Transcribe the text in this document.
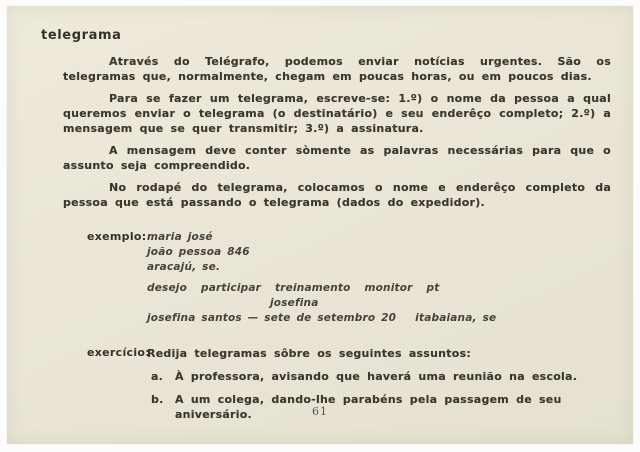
telegrama

Através do Telégrafo, podemos enviar notícias urgentes. São os telegramas que, normalmente, chegam em poucas horas, ou em poucos dias.

Para se fazer um telegrama, escreve-se: 1.º) o nome da pessoa a qual queremos enviar o telegrama (o destinatário) e seu enderêço completo; 2.º) a mensagem que se quer transmitir; 3.º) a assinatura.

A mensagem deve conter sòmente as palavras necessárias para que o assunto seja compreendido.

No rodapé do telegrama, colocamos o nome e enderêço completo da pessoa que está passando o telegrama (dados do expedidor).

exemplo: maria josé
joão pessoa 846
aracajú, se.
desejo participar treinamento monitor pt
josefina
josefina santos — sete de setembro 20 itabaiana, se
exercício:
Redija telegramas sôbre os seguintes assuntos:
a.	À professora, avisando que haverá uma reunião na escola.
b.	A um colega, dando-lhe parabéns pela passagem de seu aniversário.	61
